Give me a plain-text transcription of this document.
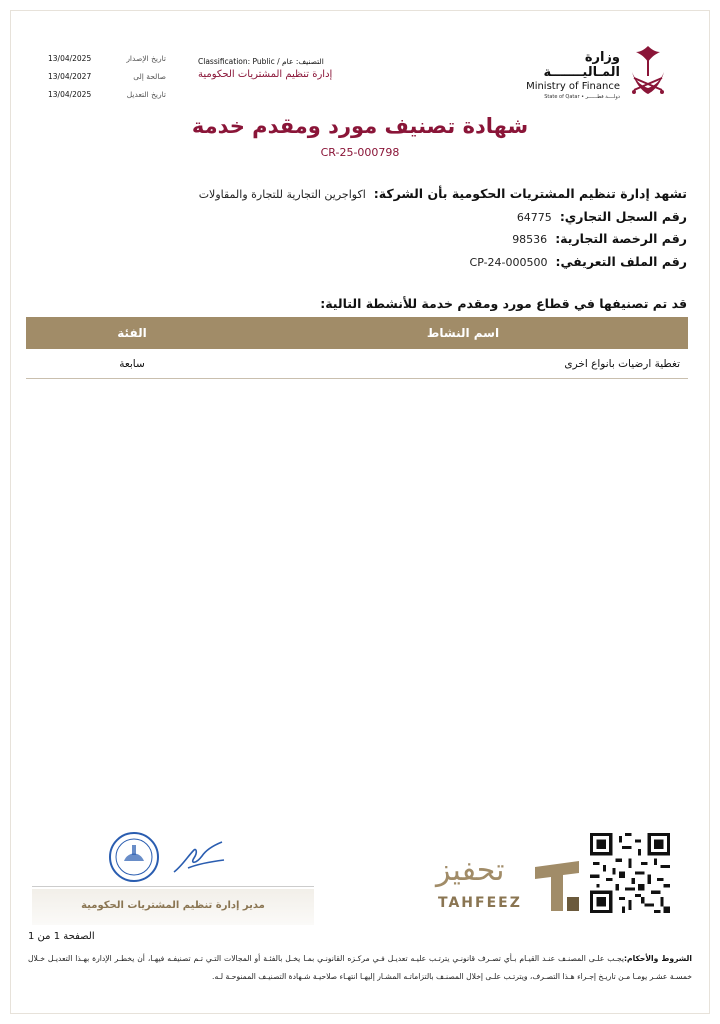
وزارة المـاليـــــــة
Ministry of Finance
State of Qatar • دولــــة قطــــــر
Classification: Public / التصنيف: عام
إدارة تنظيم المشتريات الحكومية
13/04/2025	تاريخ الإصدار
13/04/2027	صالحة إلى
13/04/2025	تاريخ التعديل
شهادة تصنيف مورد ومقدم خدمة
CR-25-000798
تشهد إدارة تنظيم المشتريات الحكومية بأن الشركة:
اكواجرين التجارية للتجارة والمقاولات
رقم السجل التجاري:
64775
رقم الرخصة التجارية:
98536
رقم الملف التعريفي:
CP-24-000500
قد تم تصنيفها في قطاع مورد ومقدم خدمة للأنشطة التالية:
الفئة	اسم النشاط
سابعة	تغطية ارضيات بانواع اخرى
تحفيز
TAHFEEZ
مدير إدارة تنظيم المشتريات الحكومية
الصفحة 1 من 1
الشروط والأحكام:يجـب علـى المصنـف عنـد القيـام بـأي تصـرف قانونـي يترتـب عليـه تعديـل فـي مركـزه القانونـي بمـا يخـل بالفئـة أو المجالات التـي تـم تصنيفـه فيهـا، أن يخطـر الإدارة بهـذا التعديـل خـلال خمسـة عشـر يومـا مـن تاريـخ إجـراء هـذا التصـرف، ويترتـب علـى إخلال المصنـف بالتزاماتـه المشـار إليهـا انتهـاء صلاحيـة شـهادة التصنيـف الممنوحـة لـه.
